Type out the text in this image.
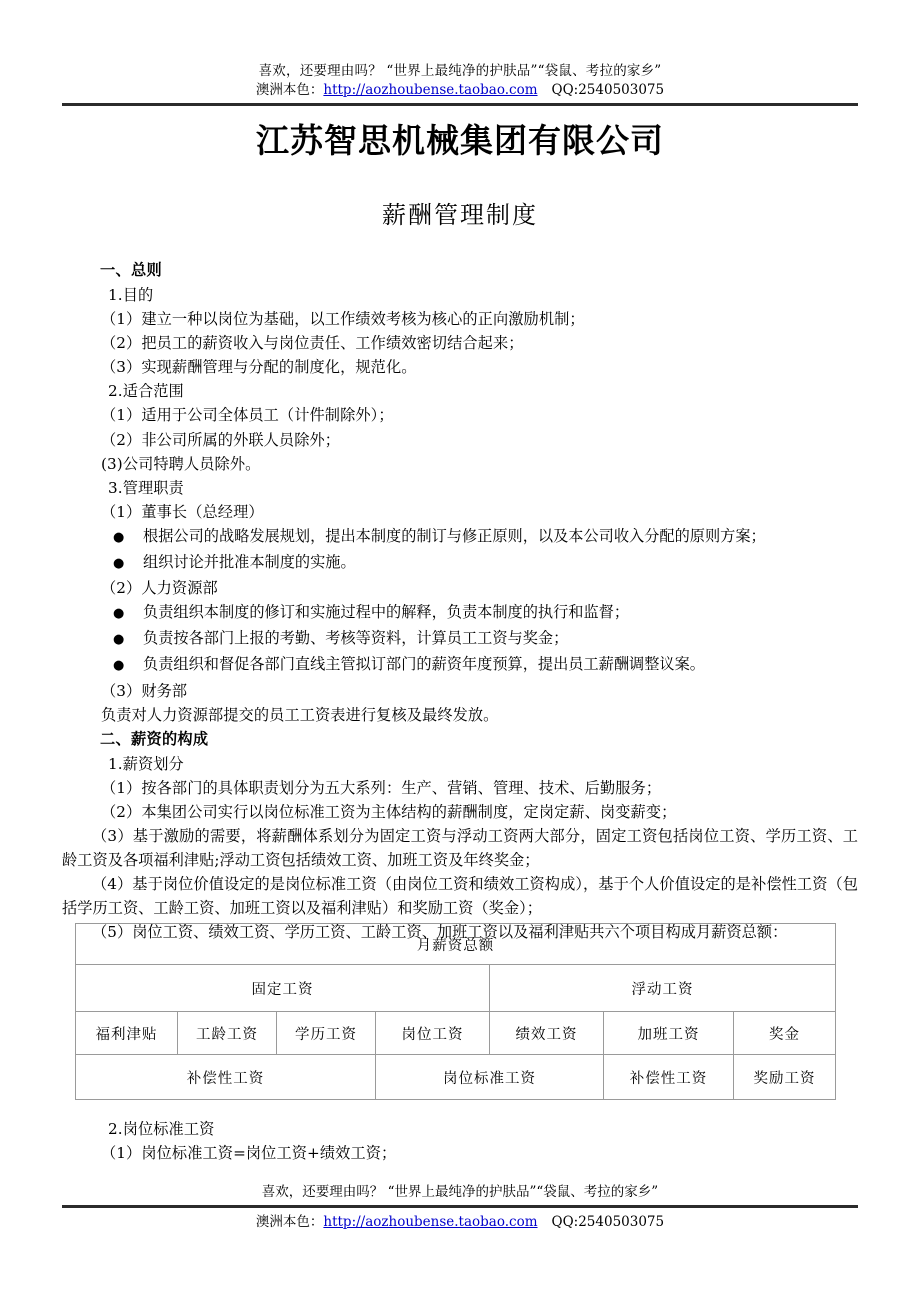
喜欢，还要理由吗？ “世界上最纯净的护肤品”“袋鼠、考拉的家乡”
澳洲本色：http://aozhoubense.taobao.com QQ:2540503075
江苏智思机械集团有限公司
薪酬管理制度
一、总则
1.目的
（1）建立一种以岗位为基础，以工作绩效考核为核心的正向激励机制；
（2）把员工的薪资收入与岗位责任、工作绩效密切结合起来；
（3）实现薪酬管理与分配的制度化，规范化。
2.适合范围
（1）适用于公司全体员工（计件制除外）；
（2）非公司所属的外联人员除外；
(3)公司特聘人员除外。
3.管理职责
（1）董事长（总经理）
●	根据公司的战略发展规划，提出本制度的制订与修正原则，以及本公司收入分配的原则方案；
●	组织讨论并批准本制度的实施。
（2）人力资源部
●	负责组织本制度的修订和实施过程中的解释，负责本制度的执行和监督；
●	负责按各部门上报的考勤、考核等资料，计算员工工资与奖金；
●	负责组织和督促各部门直线主管拟订部门的薪资年度预算，提出员工薪酬调整议案。
（3）财务部
负责对人力资源部提交的员工工资表进行复核及最终发放。
二、薪资的构成
1.薪资划分
（1）按各部门的具体职责划分为五大系列：生产、营销、管理、技术、后勤服务；
（2）本集团公司实行以岗位标准工资为主体结构的薪酬制度，定岗定薪、岗变薪变；
（3）基于激励的需要，将薪酬体系划分为固定工资与浮动工资两大部分，固定工资包括岗位工资、学历工资、工龄工资及各项福利津贴;浮动工资包括绩效工资、加班工资及年终奖金；
（4）基于岗位价值设定的是岗位标准工资（由岗位工资和绩效工资构成），基于个人价值设定的是补偿性工资（包括学历工资、工龄工资、加班工资以及福利津贴）和奖励工资（奖金）；
（5）岗位工资、绩效工资、学历工资、工龄工资、加班工资以及福利津贴共六个项目构成月薪资总额：
月薪资总额						
固定工资				浮动工资		
福利津贴	工龄工资	学历工资	岗位工资	绩效工资	加班工资	奖金
补偿性工资			岗位标准工资		补偿性工资	奖励工资
2.岗位标准工资
（1）岗位标准工资=岗位工资+绩效工资；
喜欢，还要理由吗？ “世界上最纯净的护肤品”“袋鼠、考拉的家乡”
澳洲本色：http://aozhoubense.taobao.com QQ:2540503075
